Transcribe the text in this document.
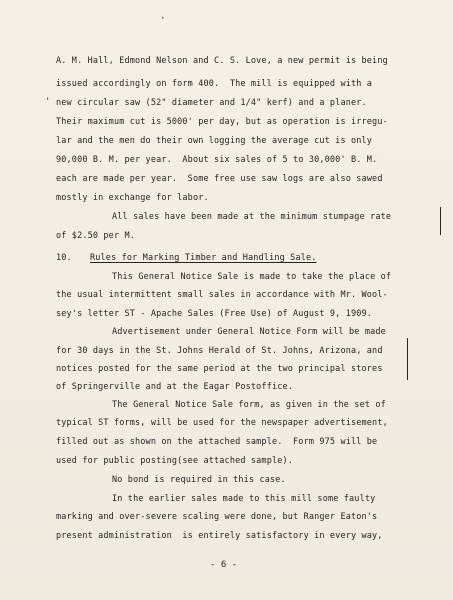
·
A. M. Hall, Edmond Nelson and C. S. Love, a new permit is being
issued accordingly on form 400.  The mill is equipped with a
' new circular saw (52" diameter and 1/4" kerf) and a planer.
Their maximum cut is 5000' per day, but as operation is irregu-
lar and the men do their own logging the average cut is only
90,000 B. M. per year.  About six sales of 5 to 30,000' B. M.
each are made per year.  Some free use saw logs are also sawed
mostly in exchange for labor.
All sales have been made at the minimum stumpage rate
of $2.50 per M.
10. Rules for Marking Timber and Handling Sale.
This General Notice Sale is made to take the place of
the usual intermittent small sales in accordance with Mr. Wool-
sey's letter ST - Apache Sales (Free Use) of August 9, 1909.
Advertisement under General Notice Form will be made
for 30 days in the St. Johns Herald of St. Johns, Arizona, and
notices posted for the same period at the two principal stores
of Springerville and at the Eagar Postoffice.
The General Notice Sale form, as given in the set of
typical ST forms, will be used for the newspaper advertisement,
filled out as shown on the attached sample.  Form 975 will be
used for public posting(see attached sample).
No bond is required in this case.
In the earlier sales made to this mill some faulty
marking and over-severe scaling were done, but Ranger Eaton's
present administration  is entirely satisfactory in every way,
- 6 -
